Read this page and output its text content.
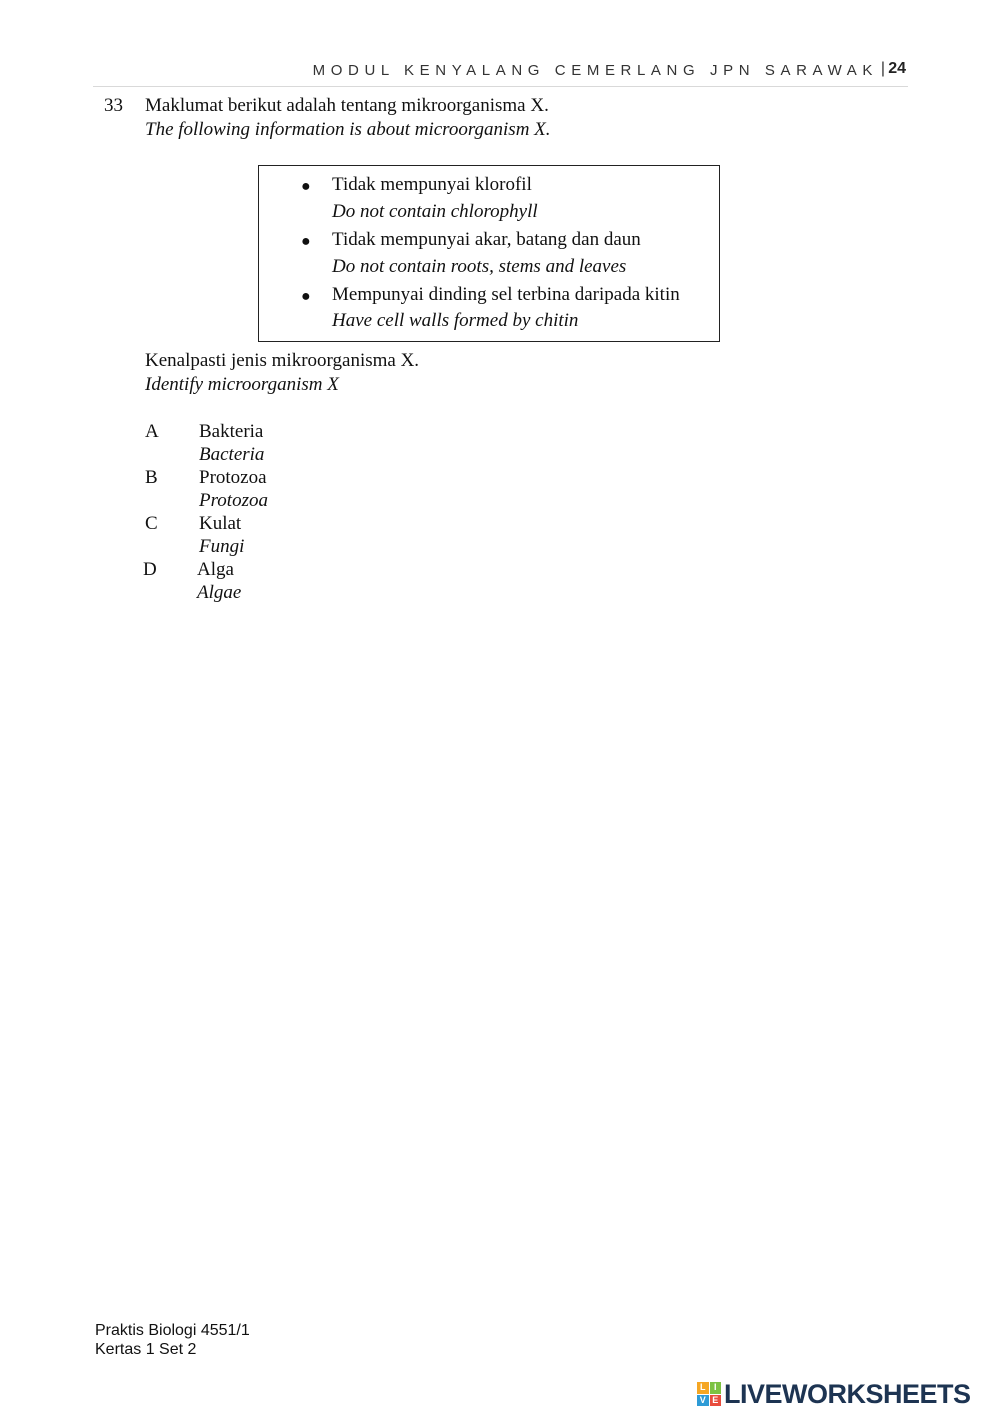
MODUL KENYALANG CEMERLANG JPN SARAWAK | 24
33 Maklumat berikut adalah tentang mikroorganisma X.
The following information is about microorganism X.
● Tidak mempunyai klorofil
Do not contain chlorophyll
● Tidak mempunyai akar, batang dan daun
Do not contain roots, stems and leaves
● Mempunyai dinding sel terbina daripada kitin
Have cell walls formed by chitin
Kenalpasti jenis mikroorganisma X.
Identify microorganism X
A Bakteria
Bacteria
B Protozoa
Protozoa
C Kulat
Fungi
D Alga
Algae
Praktis Biologi 4551/1
Kertas 1 Set 2
L I
V E LIVEWORKSHEETS
